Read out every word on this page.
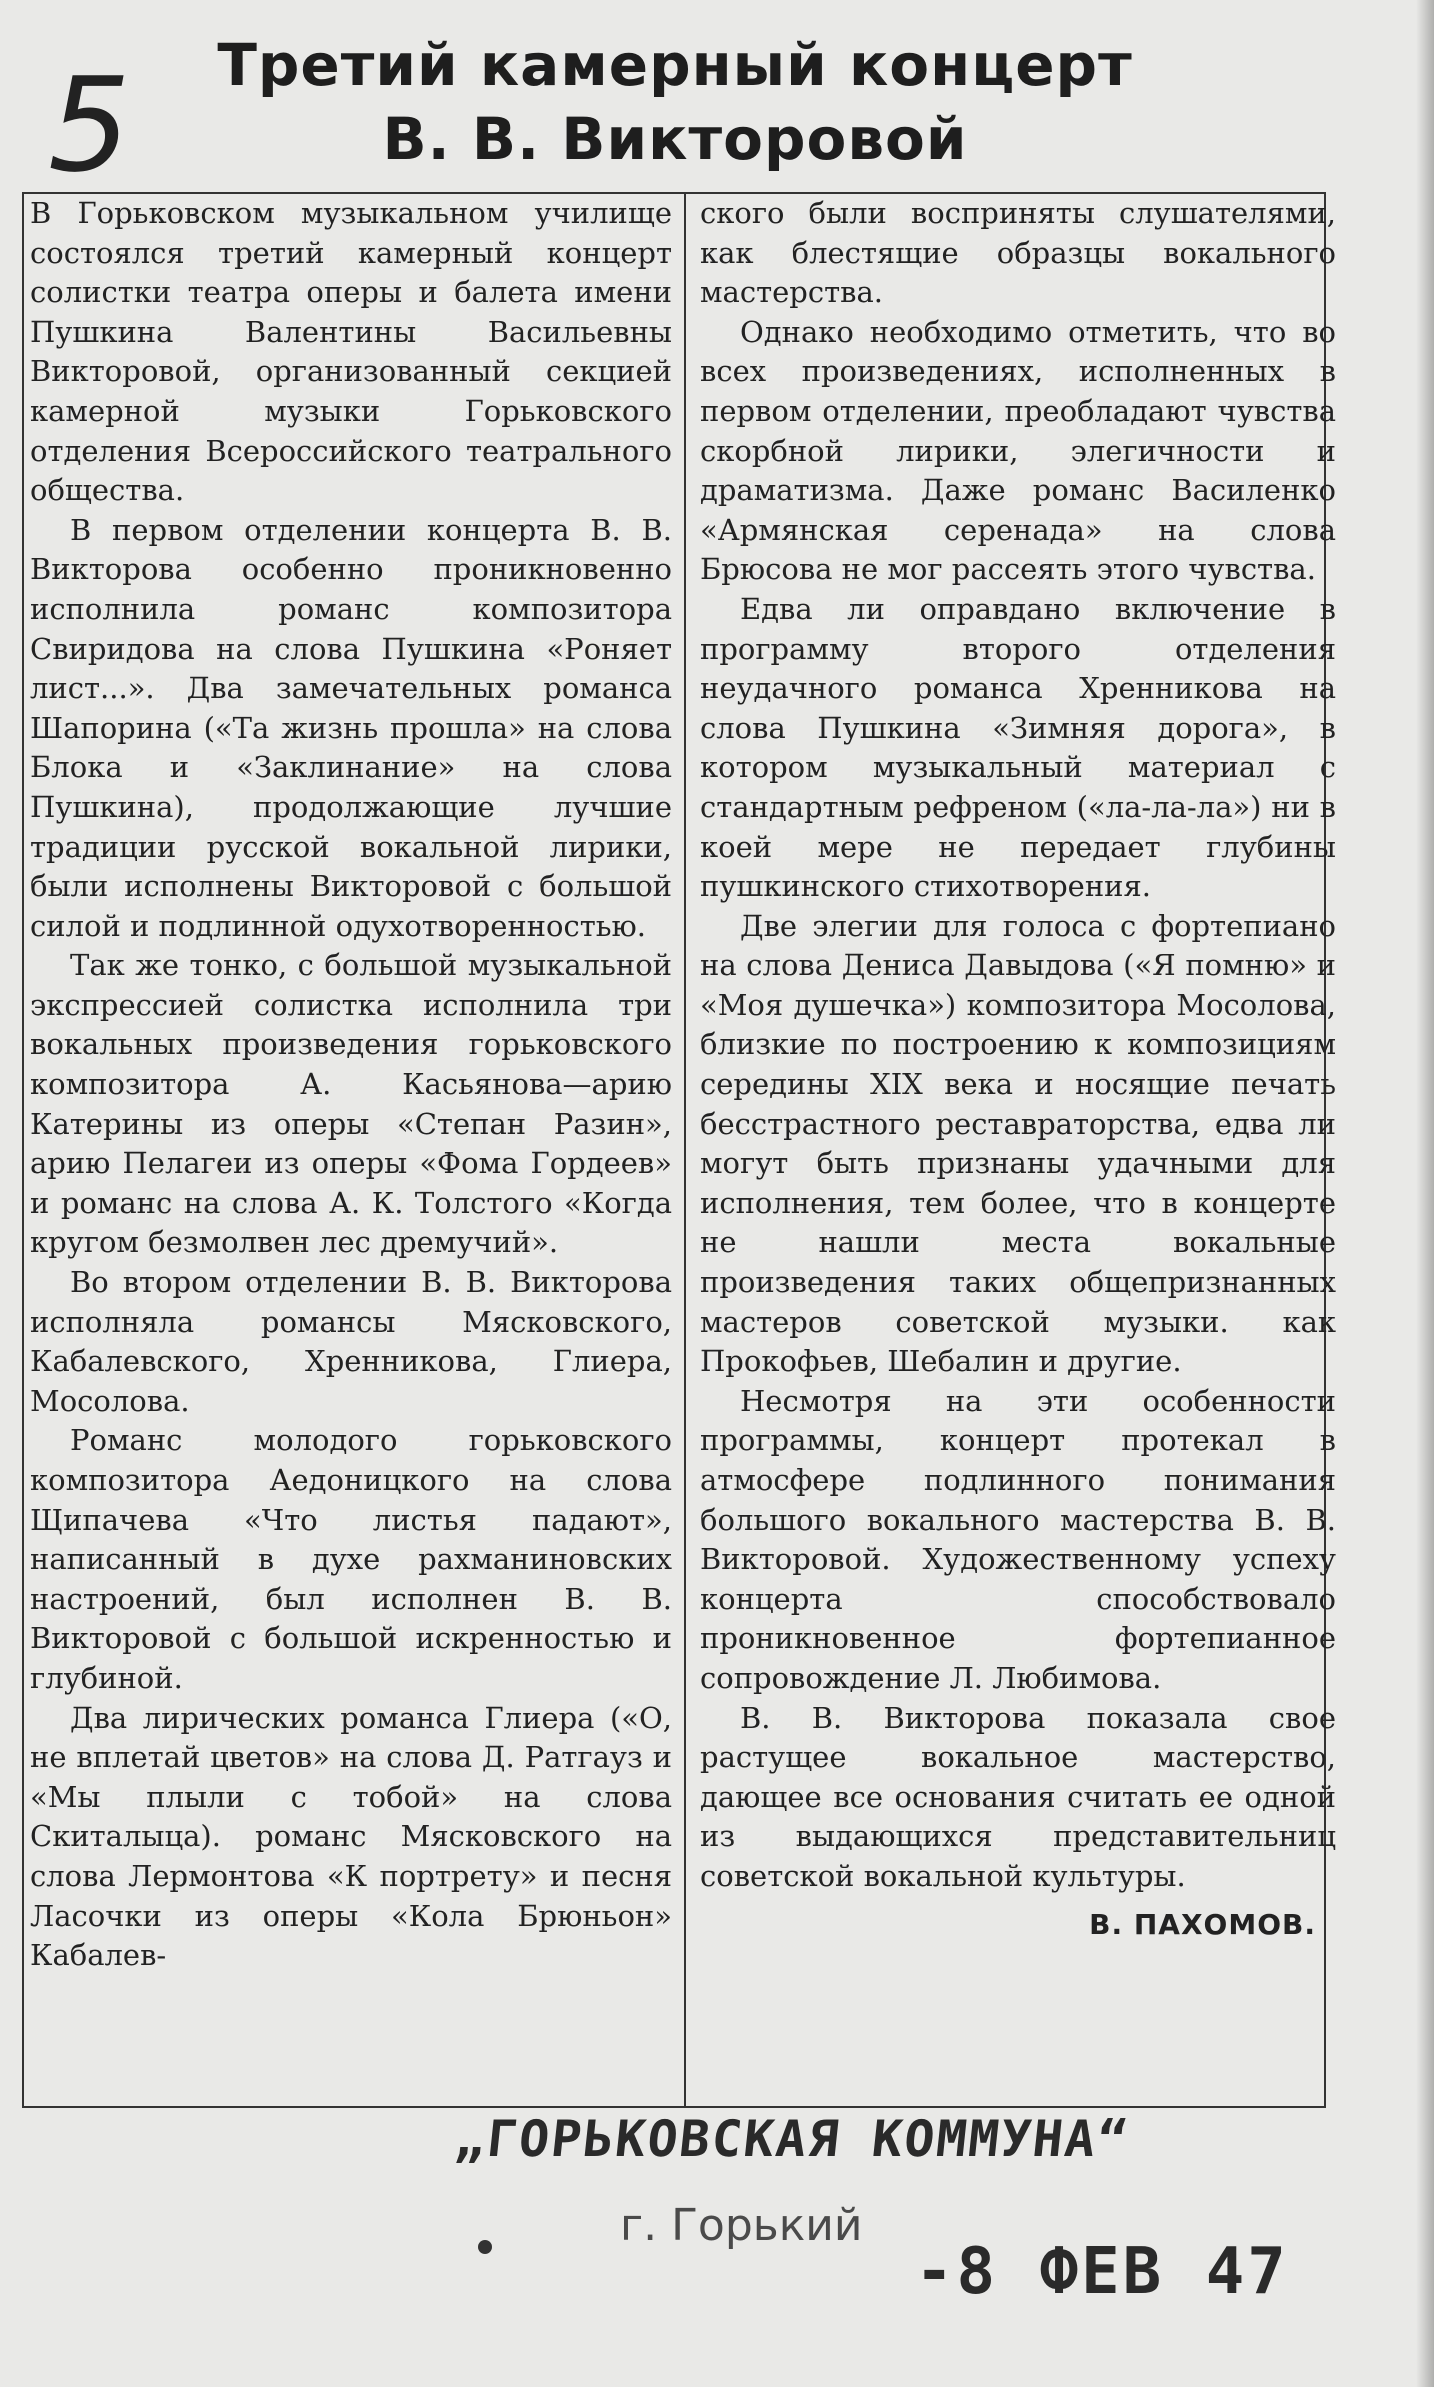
5	Третий камерный концерт
В. В. Викторовой

В Горьковском музыкальном училище состоялся третий камерный концерт солистки театра оперы и балета имени Пушкина Валентины Васильевны Викторовой, организованный секцией камерной музыки Горьковского отделения Всероссийского театрального общества.

В первом отделении концерта В. В. Викторова особенно проникновенно исполнила романс композитора Свиридова на слова Пушкина «Роняет лист...». Два замечательных романса Шапорина («Та жизнь прошла» на слова Блока и «Заклинание» на слова Пушкина), продолжающие лучшие традиции русской вокальной лирики, были исполнены Викторовой с большой силой и подлинной одухотворенностью.

Так же тонко, с большой музыкальной экспрессией солистка исполнила три вокальных произведения горьковского композитора А. Касьянова—арию Катерины из оперы «Степан Разин», арию Пелагеи из оперы «Фома Гордеев» и романс на слова А. К. Толстого «Когда кругом безмолвен лес дремучий».

Во втором отделении В. В. Викторова исполняла романсы Мясковского, Кабалевского, Хренникова, Глиера, Мосолова.

Романс молодого горьковского композитора Аедоницкого на слова Щипачева «Что листья падают», написанный в духе рахманиновских настроений, был исполнен В. В. Викторовой с большой искренностью и глубиной.

Два лирических романса Глиера («О, не вплетай цветов» на слова Д. Ратгауз и «Мы плыли с тобой» на слова Скиталыца). романс Мясковского на слова Лермонтова «К портрету» и песня Ласочки из оперы «Кола Брюньон» Кабалев-

ского были восприняты слушателями, как блестящие образцы вокального мастерства.

Однако необходимо отметить, что во всех произведениях, исполненных в первом отделении, преобладают чувства скорбной лирики, элегичности и драматизма. Даже романс Василенко «Армянская серенада» на слова Брюсова не мог рассеять этого чувства.

Едва ли оправдано включение в программу второго отделения неудачного романса Хренникова на слова Пушкина «Зимняя дорога», в котором музыкальный материал с стандартным рефреном («ла-ла-ла») ни в коей мере не передает глубины пушкинского стихотворения.

Две элегии для голоса с фортепиано на слова Дениса Давыдова («Я помню» и «Моя душечка») композитора Мосолова, близкие по построению к композициям середины XIX века и носящие печать бесстрастного реставраторства, едва ли могут быть признаны удачными для исполнения, тем более, что в концерте не нашли места вокальные произведения таких общепризнанных мастеров советской музыки. как Прокофьев, Шебалин и другие.

Несмотря на эти особенности программы, концерт протекал в атмосфере подлинного понимания большого вокального мастерства В. В. Викторовой. Художественному успеху концерта способствовало проникновенное фортепианное сопровождение Л. Любимова.

В. В. Викторова показала свое растущее вокальное мастерство, дающее все основания считать ее одной из выдающихся представительниц советской вокальной культуры.

В. ПАХОМОВ.

„ГОРЬКОВСКАЯ КОММУНА“
г. Горький
-8 ФЕВ 47
